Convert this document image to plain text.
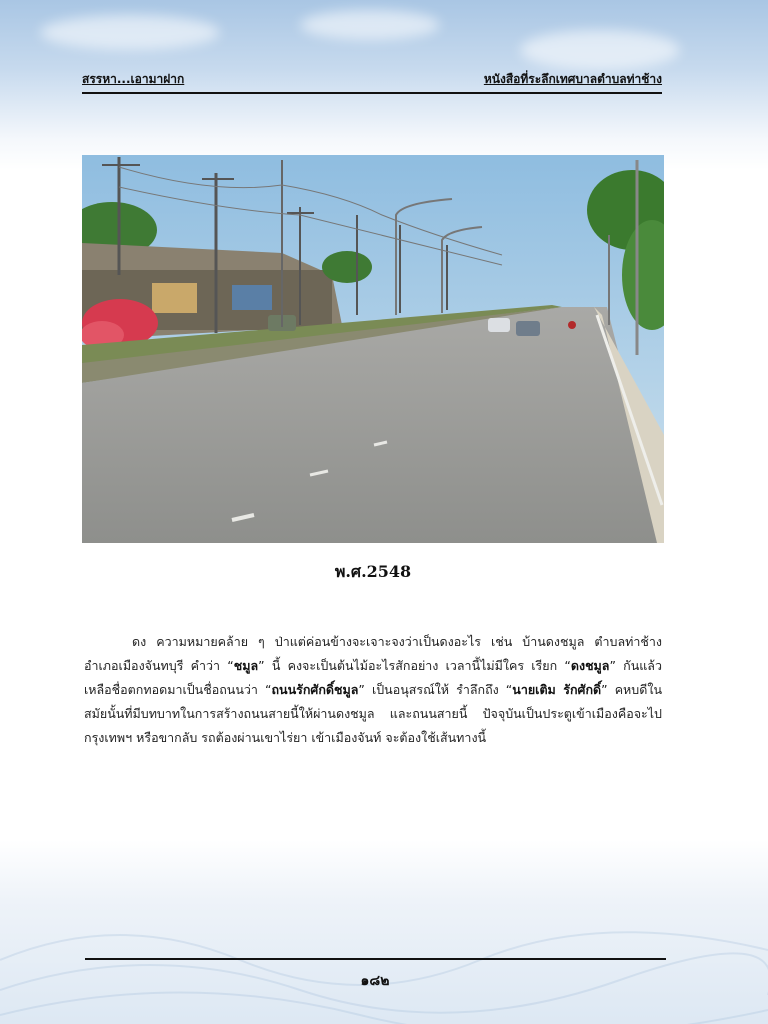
สรรหา...เอามาฝาก	หนังสือที่ระลึกเทศบาลตำบลท่าช้าง
พ.ศ.2548

ดง ความหมายคล้าย ๆ ป่าแต่ค่อนข้างจะเจาะจงว่าเป็นดงอะไร เช่น บ้านดงชมูล ตำบลท่าช้าง อำเภอเมืองจันทบุรี คำว่า “ชมูล” นี้ คงจะเป็นต้นไม้อะไรสักอย่าง เวลานี้ไม่มีใคร เรียก “ดงชมูล” กันแล้ว เหลือชื่อตกทอดมาเป็นชื่อถนนว่า “ถนนรักศักดิ์ชมูล” เป็นอนุสรณ์ให้ รำลึกถึง “นายเติม รักศักดิ์” คหบดีในสมัยนั้นที่มีบทบาทในการสร้างถนนสายนี้ให้ผ่านดงชมูล และถนนสายนี้ ปัจจุบันเป็นประตูเข้าเมืองคือจะไปกรุงเทพฯ หรือขากลับ รถต้องผ่านเขาไร่ยา เข้าเมืองจันท์ จะต้องใช้เส้นทางนี้

๑๘๒
